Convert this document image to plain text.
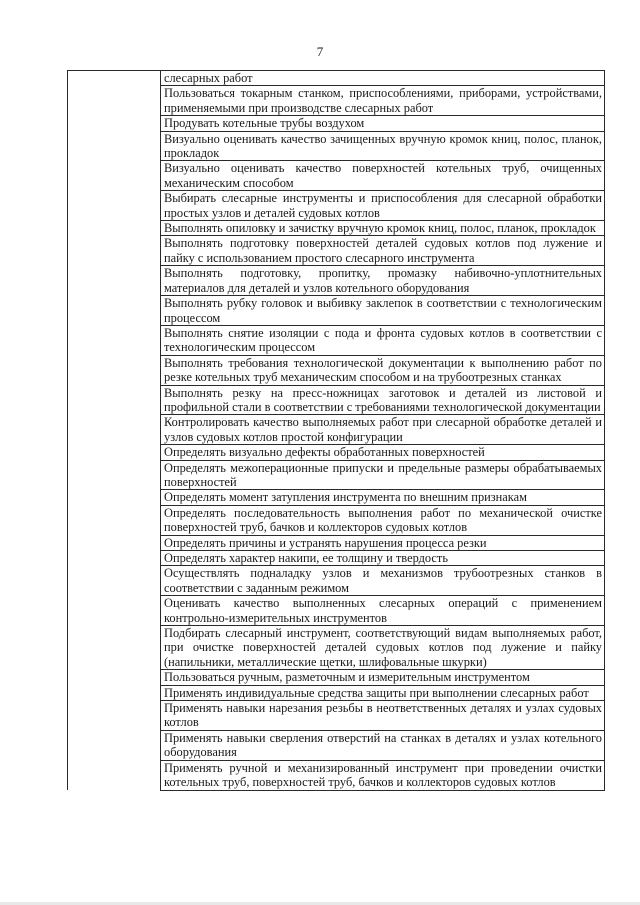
7
	слесарных работ
Пользоваться токарным станком, приспособлениями, приборами, устройствами, применяемыми при производстве слесарных работ
Продувать котельные трубы воздухом
Визуально оценивать качество зачищенных вручную кромок книц, полос, планок, прокладок
Визуально оценивать качество поверхностей котельных труб, очищенных механическим способом
Выбирать слесарные инструменты и приспособления для слесарной обработки простых узлов и деталей судовых котлов
Выполнять опиловку и зачистку вручную кромок книц, полос, планок, прокладок
Выполнять подготовку поверхностей деталей судовых котлов под лужение и пайку с использованием простого слесарного инструмента
Выполнять подготовку, пропитку, промазку набивочно-уплотнительных материалов для деталей и узлов котельного оборудования
Выполнять рубку головок и выбивку заклепок в соответствии с технологическим процессом
Выполнять снятие изоляции с пода и фронта судовых котлов в соответствии с технологическим процессом
Выполнять требования технологической документации к выполнению работ по резке котельных труб механическим способом и на трубоотрезных станках
Выполнять резку на пресс-ножницах заготовок и деталей из листовой и профильной стали в соответствии с требованиями технологической документации
Контролировать качество выполняемых работ при слесарной обработке деталей и узлов судовых котлов простой конфигурации
Определять визуально дефекты обработанных поверхностей
Определять межоперационные припуски и предельные размеры обрабатываемых поверхностей
Определять момент затупления инструмента по внешним признакам
Определять последовательность выполнения работ по механической очистке поверхностей труб, бачков и коллекторов судовых котлов
Определять причины и устранять нарушения процесса резки
Определять характер накипи, ее толщину и твердость
Осуществлять подналадку узлов и механизмов трубоотрезных станков в соответствии с заданным режимом
Оценивать качество выполненных слесарных операций с применением контрольно-измерительных инструментов
Подбирать слесарный инструмент, соответствующий видам выполняемых работ, при очистке поверхностей деталей судовых котлов под лужение и пайку (напильники, металлические щетки, шлифовальные шкурки)
Пользоваться ручным, разметочным и измерительным инструментом
Применять индивидуальные средства защиты при выполнении слесарных работ
Применять навыки нарезания резьбы в неответственных деталях и узлах судовых котлов
Применять навыки сверления отверстий на станках в деталях и узлах котельного оборудования
Применять ручной и механизированный инструмент при проведении очистки котельных труб, поверхностей труб, бачков и коллекторов судовых котлов
